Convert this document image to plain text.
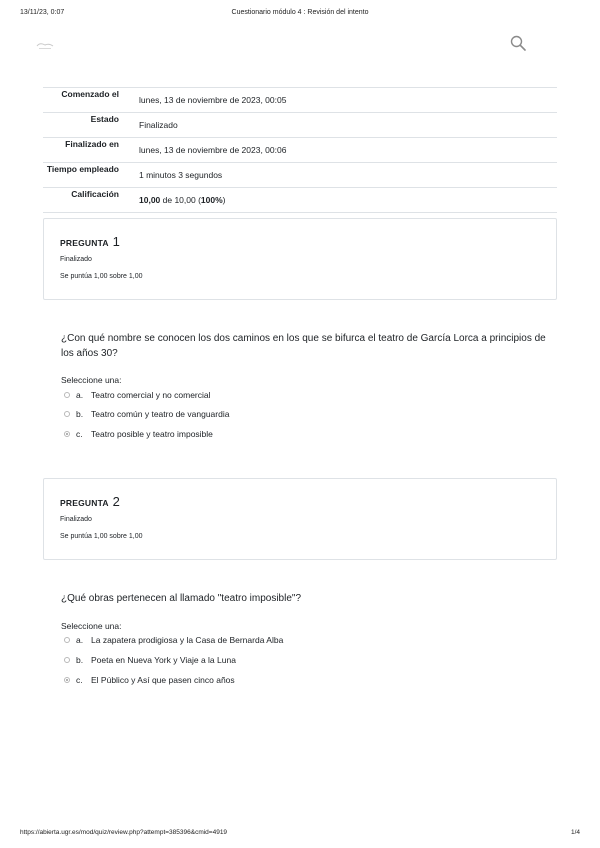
13/11/23, 0:07	Cuestionario módulo 4 : Revisión del intento
Comenzado el	lunes, 13 de noviembre de 2023, 00:05
Estado	Finalizado
Finalizado en	lunes, 13 de noviembre de 2023, 00:06
Tiempo empleado	1 minutos 3 segundos
Calificación	10,00 de 10,00 (100%)
PREGUNTA 1
Finalizado
Se puntúa 1,00 sobre 1,00
¿Con qué nombre se conocen los dos caminos en los que se bifurca el teatro de García Lorca a principios de los años 30?
Seleccione una:
a. Teatro comercial y no comercial
b. Teatro común y teatro de vanguardia
c. Teatro posible y teatro imposible
PREGUNTA 2
Finalizado
Se puntúa 1,00 sobre 1,00
¿Qué obras pertenecen al llamado "teatro imposible"?
Seleccione una:
a. La zapatera prodigiosa y la Casa de Bernarda Alba
b. Poeta en Nueva York y Viaje a la Luna
c. El Público y Así que pasen cinco años
https://abierta.ugr.es/mod/quiz/review.php?attempt=385396&cmid=4919	1/4
